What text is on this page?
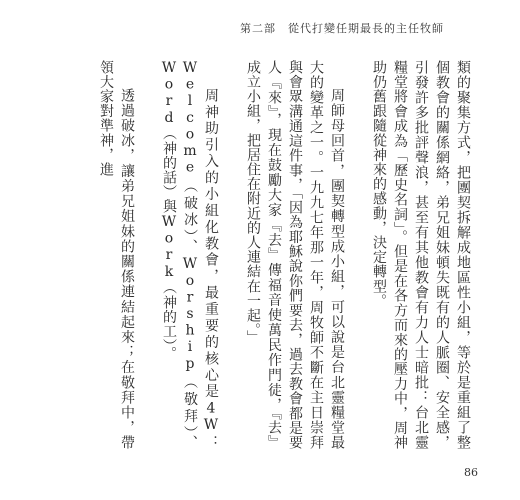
第二部　從代打變任期最長的主任牧師

類的聚集方式，把團契拆解成地區性小組，等於是重組了整個教會的關係網絡，弟兄姐妹頓失既有的人脈圈、安全感，引發許多批評聲浪，甚至有其他教會有力人士暗批：台北靈糧堂將會成為「歷史名詞」。但是在各方而來的壓力中，周神助仍舊跟隨從神來的感動，決定轉型。

周師母回首，團契轉型成小組，可以說是台北靈糧堂最大的變革之一。一九九七年那一年，周牧師不斷在主日崇拜與會眾溝通這件事，「因為耶穌說你們要去，過去教會都是要人『來』，現在鼓勵大家『去』傳福音使萬民作門徒，『去』成立小組，把居住在附近的人連結在一起。」

周神助引入的小組化教會，最重要的核心是4W：Welcome（破冰）、Worship（敬拜）、Word（神的話）與Work（神的工）。

透過破冰，讓弟兄姐妹的關係連結起來；在敬拜中，帶領大家對準神，進

86
